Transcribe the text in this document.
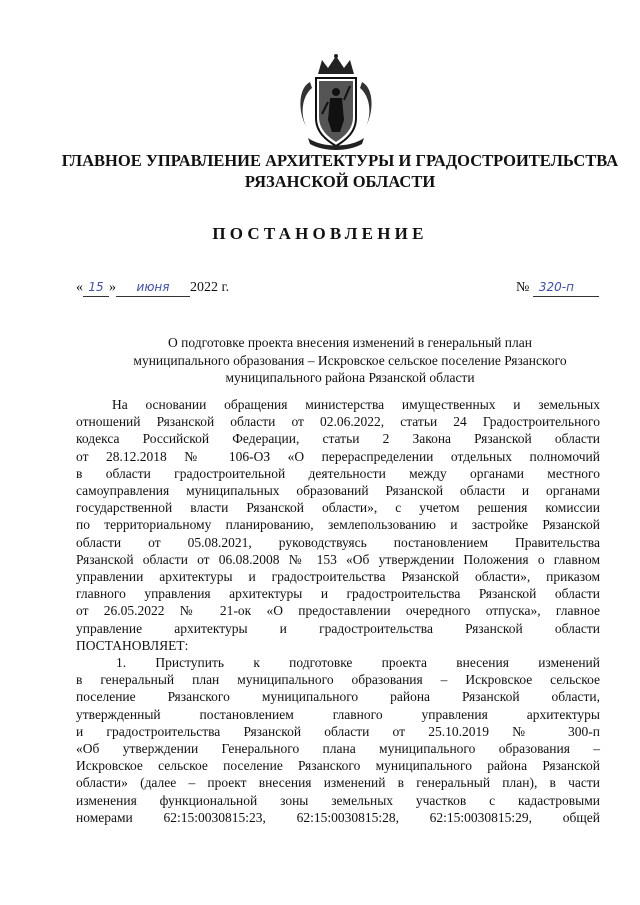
ГЛАВНОЕ УПРАВЛЕНИЕ АРХИТЕКТУРЫ И ГРАДОСТРОИТЕЛЬСТВА
РЯЗАНСКОЙ ОБЛАСТИ
ПОСТАНОВЛЕНИЕ
« 15 » июня 2022 г.	№ 320-п
О подготовке проекта внесения изменений в генеральный план
муниципального образования – Искровское сельское поселение Рязанского
муниципального района Рязанской области

На основании обращения министерства имущественных и земельных

отношений Рязанской области от 02.06.2022, статьи 24 Градостроительного

кодекса Российской Федерации, статьи 2 Закона Рязанской области

от 28.12.2018 № 106-ОЗ «О перераспределении отдельных полномочий

в области градостроительной деятельности между органами местного

самоуправления муниципальных образований Рязанской области и органами

государственной власти Рязанской области», с учетом решения комиссии

по территориальному планированию, землепользованию и застройке Рязанской

области от 05.08.2021, руководствуясь постановлением Правительства

Рязанской области от 06.08.2008 № 153 «Об утверждении Положения о главном

управлении архитектуры и градостроительства Рязанской области», приказом

главного управления архитектуры и градостроительства Рязанской области

от 26.05.2022 № 21-ок «О предоставлении очередного отпуска», главное

управление архитектуры и градостроительства Рязанской области

ПОСТАНОВЛЯЕТ:

1. Приступить к подготовке проекта внесения изменений

в генеральный план муниципального образования – Искровское сельское

поселение Рязанского муниципального района Рязанской области,

утвержденный постановлением главного управления архитектуры

и градостроительства Рязанской области от 25.10.2019 № 300-п

«Об утверждении Генерального плана муниципального образования –

Искровское сельское поселение Рязанского муниципального района Рязанской

области» (далее – проект внесения изменений в генеральный план), в части

изменения функциональной зоны земельных участков с кадастровыми

номерами 62:15:0030815:23, 62:15:0030815:28, 62:15:0030815:29, общей
